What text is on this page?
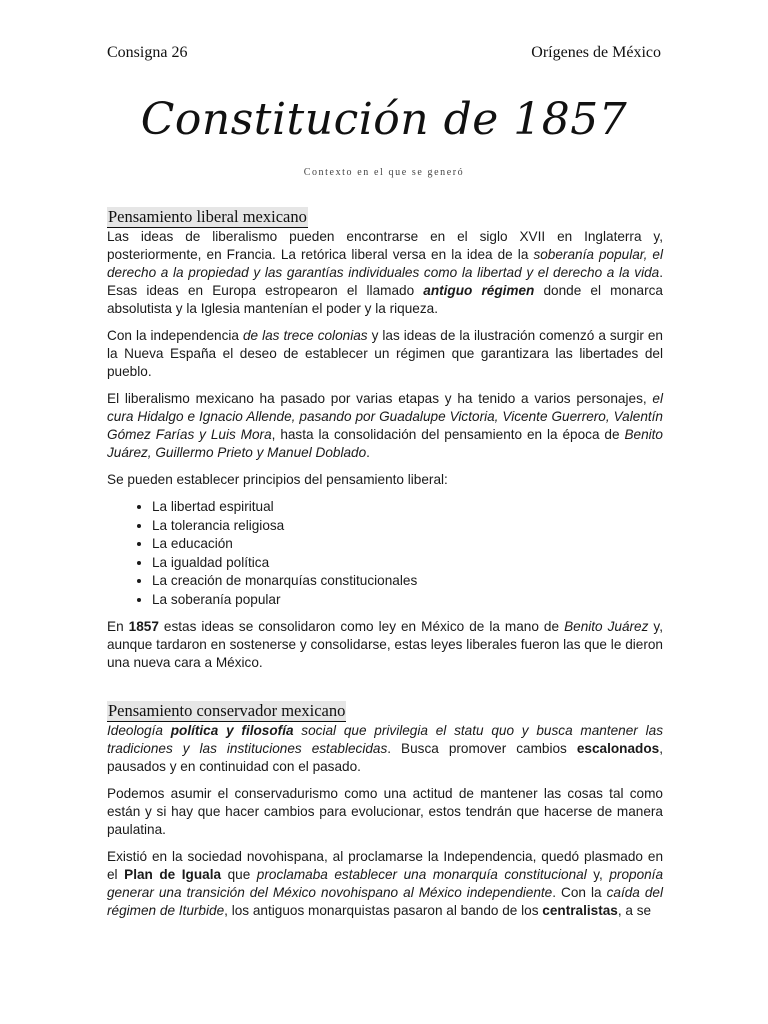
Consigna 26	Orígenes de México
Constitución de 1857
Contexto en el que se generó
Pensamiento liberal mexicano

Las ideas de liberalismo pueden encontrarse en el siglo XVII en Inglaterra y, posteriormente, en Francia. La retórica liberal versa en la idea de la soberanía popular, el derecho a la propiedad y las garantías individuales como la libertad y el derecho a la vida. Esas ideas en Europa estropearon el llamado antiguo régimen donde el monarca absolutista y la Iglesia mantenían el poder y la riqueza.

Con la independencia de las trece colonias y las ideas de la ilustración comenzó a surgir en la Nueva España el deseo de establecer un régimen que garantizara las libertades del pueblo.

El liberalismo mexicano ha pasado por varias etapas y ha tenido a varios personajes, el cura Hidalgo e Ignacio Allende, pasando por Guadalupe Victoria, Vicente Guerrero, Valentín Gómez Farías y Luis Mora, hasta la consolidación del pensamiento en la época de Benito Juárez, Guillermo Prieto y Manuel Doblado.

Se pueden establecer principios del pensamiento liberal:

• La libertad espiritual
• La tolerancia religiosa
• La educación
• La igualdad política
• La creación de monarquías constitucionales
• La soberanía popular

En 1857 estas ideas se consolidaron como ley en México de la mano de Benito Juárez y, aunque tardaron en sostenerse y consolidarse, estas leyes liberales fueron las que le dieron una nueva cara a México.

Pensamiento conservador mexicano

Ideología política y filosofía social que privilegia el statu quo y busca mantener las tradiciones y las instituciones establecidas. Busca promover cambios escalonados, pausados y en continuidad con el pasado.

Podemos asumir el conservadurismo como una actitud de mantener las cosas tal como están y si hay que hacer cambios para evolucionar, estos tendrán que hacerse de manera paulatina.

Existió en la sociedad novohispana, al proclamarse la Independencia, quedó plasmado en el Plan de Iguala que proclamaba establecer una monarquía constitucional y, proponía generar una transición del México novohispano al México independiente. Con la caída del régimen de Iturbide, los antiguos monarquistas pasaron al bando de los centralistas, a se
